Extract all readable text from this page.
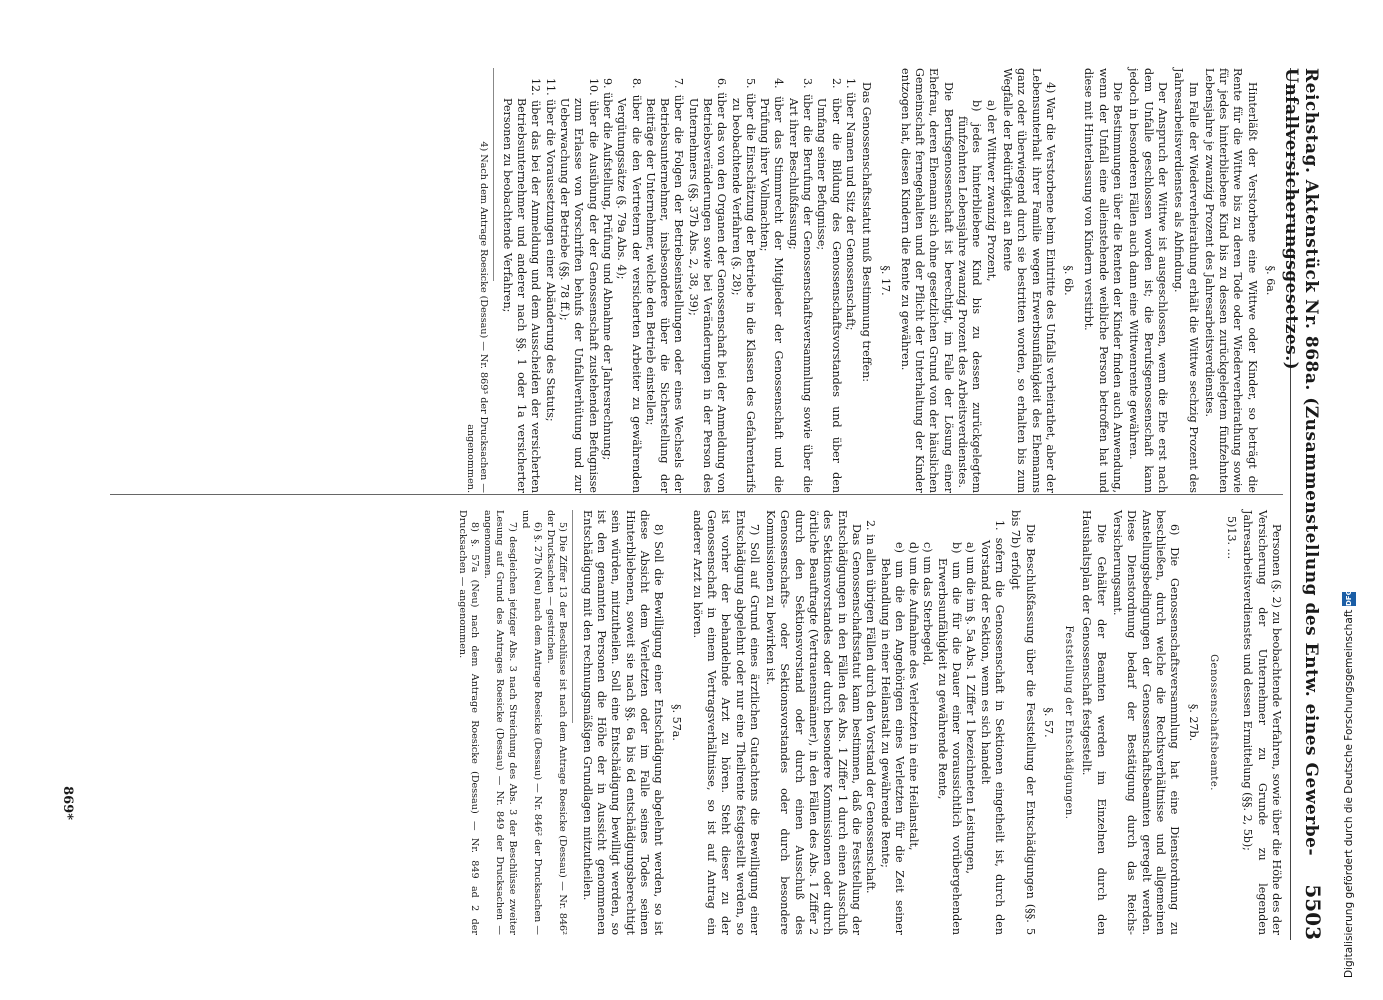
Reichstag. Aktenstück Nr. 868a. (Zusammenstellung des Entw. eines Gewerbe-Unfallversicherungsgesetzes.)
5503
§. 6a.
Hinterläßt der Verstorbene eine Wittwe oder Kinder, so beträgt die Rente für die Wittwe bis zu deren Tode oder Wiederverheirathung sowie für jedes hinterbliebene Kind bis zu dessen zurückgelegtem fünfzehnten Lebensjahre je zwanzig Prozent des Jahresarbeitsverdienstes.
Im Falle der Wiederverheirathung erhält die Wittwe sechzig Prozent des Jahresarbeitsverdienstes als Abfindung.
Der Anspruch der Wittwe ist ausgeschlossen, wenn die Ehe erst nach dem Unfalle geschlossen worden ist; die Berufsgenossenschaft kann jedoch in besonderen Fällen auch dann eine Wittwenrente gewähren.
Die Bestimmungen über die Renten der Kinder finden auch Anwendung, wenn der Unfall eine alleinstehende weibliche Person betroffen hat und diese mit Hinterlassung von Kindern verstirbt.
§. 6b.
4) War die Verstorbene beim Eintritte des Unfalls verheirathet, aber der Lebensunterhalt ihrer Familie wegen Erwerbsunfähigkeit des Ehemanns ganz oder überwiegend durch sie bestritten worden, so erhalten bis zum Wegfalle der Bedürftigkeit an Rente
a) der Wittwer zwanzig Prozent,
b) jedes hinterbliebene Kind bis zu dessen zurückgelegtem fünfzehnten Lebensjahre zwanzig Prozent des Arbeitsverdienstes.
Die Berufsgenossenschaft ist berechtigt, im Falle der Lösung einer Ehefrau, deren Ehemann sich ohne gesetzlichen Grund von der häuslichen Gemeinschaft fernegehalten und der Pflicht der Unterhaltung der Kinder entzogen hat, diesen Kindern die Rente zu gewähren.
§. 17.
Das Genossenschaftsstatut muß Bestimmung treffen:
1. über Namen und Sitz der Genossenschaft;
2. über die Bildung des Genossenschaftsvorstandes und über den Umfang seiner Befugnisse;
3. über die Berufung der Genossenschaftsversammlung sowie über die Art ihrer Beschlußfassung;
4. über das Stimmrecht der Mitglieder der Genossenschaft und die Prüfung ihrer Vollmachten;
5. über die Einschätzung der Betriebe in die Klassen des Gefahrentarifs zu beobachtende Verfahren (§. 28);
6. über das von den Organen der Genossenschaft bei der Anmeldung von Betriebsveränderungen sowie bei Veränderungen in der Person des Unternehmers (§§. 37b Abs. 2, 38, 39);
7. über die Folgen der Betriebseinstellungen oder eines Wechsels der Betriebsunternehmer, insbesondere über die Sicherstellung der Beiträge der Unternehmer, welche den Betrieb einstellen;
8. über die den Vertretern der versicherten Arbeiter zu gewährenden Vergütungssätze (§. 79a Abs. 4);
9. über die Aufstellung, Prüfung und Abnahme der Jahresrechnung;
10. über die Ausübung der der Genossenschaft zustehenden Befugnisse zum Erlasse von Vorschriften behufs der Unfallverhütung und zur Ueberwachung der Betriebe (§§. 78 ff.);
11. über die Voraussetzungen einer Abänderung des Statuts;
12. über das bei der Anmeldung und dem Ausscheiden der versicherten Betriebsunternehmer und anderer nach §§. 1 oder 1a versicherter Personen zu beobachtende Verfahren;
4) Nach dem Antrage Roesicke (Dessau) — Nr. 869³ der Drucksachen — angenommen.
Personen (§. 2) zu beobachtende Verfahren, sowie über die Höhe des der Versicherung der Unternehmer zu Grunde zu legenden Jahresarbeitsverdienstes und dessen Ermittelung (§§. 2, 5b);
5)13. ...
Genossenschaftsbeamte.
§. 27b.
6) Die Genossenschaftsversammlung hat eine Dienstordnung zu beschließen, durch welche die Rechtsverhältnisse und allgemeinen Anstellungsbedingungen der Genossenschaftsbeamten geregelt werden. Diese Dienstordnung bedarf der Bestätigung durch das Reichs-Versicherungsamt.
Die Gehälter der Beamten werden im Einzelnen durch den Haushaltsplan der Genossenschaft festgestellt.
Feststellung der Entschädigungen.
§. 57.
Die Beschlußfassung über die Feststellung der Entschädigungen (§§. 5 bis 7b) erfolgt
1. sofern die Genossenschaft in Sektionen eingetheilt ist, durch den Vorstand der Sektion, wenn es sich handelt
a) um die im §. 5a Abs. 1 Ziffer 1 bezeichneten Leistungen,
b) um die für die Dauer einer voraussichtlich vorübergehenden Erwerbsunfähigkeit zu gewährende Rente,
c) um das Sterbegeld,
d) um die Aufnahme des Verletzten in eine Heilanstalt,
e) um die den Angehörigen eines Verletzten für die Zeit seiner Behandlung in einer Heilanstalt zu gewährende Rente;
2. in allen übrigen Fällen durch den Vorstand der Genossenschaft.
Das Genossenschaftsstatut kann bestimmen, daß die Feststellung der Entschädigungen in den Fällen des Abs. 1 Ziffer 1 durch einen Ausschuß des Sektionsvorstandes oder durch besondere Kommissionen oder durch örtliche Beauftragte (Vertrauensmänner), in den Fällen des Abs. 1 Ziffer 2 durch den Sektionsvorstand oder durch einen Ausschuß des Genossenschafts- oder Sektionsvorstandes oder durch besondere Kommissionen zu bewirken ist.
7) Soll auf Grund eines ärztlichen Gutachtens die Bewilligung einer Entschädigung abgelehnt oder nur eine Theilrente festgestellt werden, so ist vorher der behandelnde Arzt zu hören. Steht dieser zu der Genossenschaft in einem Vertragsverhältnisse, so ist auf Antrag ein anderer Arzt zu hören.
§. 57a.
8) Soll die Bewilligung einer Entschädigung abgelehnt werden, so ist diese Absicht dem Verletzten oder im Falle seines Todes seinen Hinterbliebenen, soweit sie nach §§. 6a bis 6d entschädigungsberechtigt sein würden, mitzutheilen. Soll eine Entschädigung bewilligt werden, so ist den genannten Personen die Höhe der in Aussicht genommenen Entschädigung mit den rechnungsmäßigen Grundlagen mitzutheilen.
5) Die Ziffer 13 der Beschlüsse ist nach dem Antrage Roesicke (Dessau) — Nr. 846² der Drucksachen — gestrichen.
6) §. 27b (Neu) nach dem Antrage Roesicke (Dessau) — Nr. 846² der Drucksachen — und
7) desgleichen jetziger Abs. 3 nach Streichung des Abs. 3 der Beschlüsse zweiter Lesung auf Grund des Antrages Roesicke (Dessau) — Nr. 849 der Drucksachen — angenommen.
8) §. 57a (Neu) nach dem Antrage Roesicke (Dessau) — Nr. 849 ad 2 der Drucksachen — angenommen.
869*	Digitalisierung gefördert durch die Deutsche Forschungsgemeinschaft
DFG
